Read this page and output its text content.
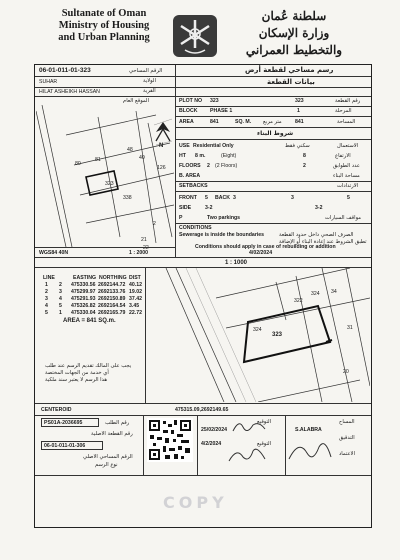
Sultanate of Oman
Ministry of Housing
and Urban Planning
سلطنة عُمان
وزارة الإسكان
والتخطيط العمراني
06-01-011-01-323	الرقم المساحي	رسم مساحي لقطعة أرض
SUHAR	الولاية	بيانات القطعة
HILAT ASHEIKH HASSAN	القرية
الموقع العام
323
338
80
81
48
40
2
21
22
126
N
WGS84 40N	1 : 2000
PLOT NO 323	323	رقم القطعة
BLOCK PHASE 1	1	المرحلة
AREA	841	SQ. M. متر مربع	841	المساحة
شروط البناء
USE Residential Only	سكني فقط	الاستعمال
HT 8 m.	(Eight)	8	الارتفاع
FLOORS 2 (2 Floors)	2	عدد الطوابق
B. AREA	مساحة البناء
SETBACKS	الارتدادات
FRONT 5 BACK 3	3	5
SIDE	3-2	3-2
P	Two parkings	مواقف السيارات
CONDITIONS
Sewerage is inside the boundaries	الصرف الصحي داخل حدود القطعة
تطبق الشروط عند إعادة البناء أو الإضافة
Conditions should apply in case of rebuilding or addition
4/02/2024
1 : 1000
LINE	EASTING NORTHING DIST
1 2 475330.56 2692144.72 40.12
2 3 475299.97 2692133.76 19.02
3 4 475291.93 2692150.89 37.42
4 5 475326.82 2692164.54 3.45
5 1 475330.04 2692165.79 22.72
AREA = 841 SQ.m.
يجب على المالك تقديم الرسم عند طلب
أي خدمة من الجهات المختصة
هذا الرسم لا يعتبر سند ملكية
323
322
324
324	31
34
20
CENTEROID	475315.09,2692149.65
PS01A-2036695	رقم الطلب
رقم القطعة الاصلية
06-01-011-01-306
الرقم المساحي الاصلي
نوع الرسم
التوقيع
25/02/2024
4/2/2024	التوقيع
S.ALABRA
المساح
التدقيق
الاعتماد
COPY
